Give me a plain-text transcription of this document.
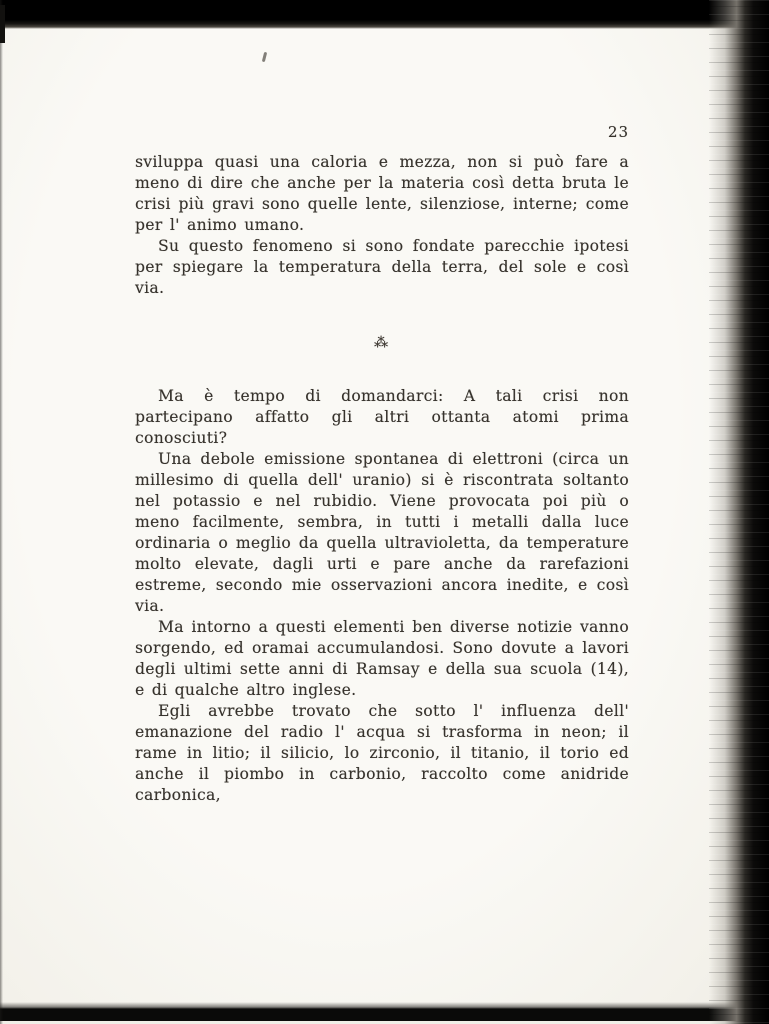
23

sviluppa quasi una caloria e mezza, non si può fare a meno di dire che anche per la materia così detta bruta le crisi più gravi sono quelle lente, silenziose, interne; come per l' animo umano.

Su questo fenomeno si sono fondate parecchie ipotesi per spiegare la temperatura della terra, del sole e così via.

⁂

Ma è tempo di domandarci: A tali crisi non partecipano affatto gli altri ottanta atomi prima conosciuti?

Una debole emissione spontanea di elettroni (circa un millesimo di quella dell' uranio) si è riscontrata soltanto nel potassio e nel rubidio. Viene provocata poi più o meno facilmente, sembra, in tutti i metalli dalla luce ordinaria o meglio da quella ultravioletta, da temperature molto elevate, dagli urti e pare anche da rarefazioni estreme, secondo mie osservazioni ancora inedite, e così via.

Ma intorno a questi elementi ben diverse notizie vanno sorgendo, ed oramai accumulandosi. Sono dovute a lavori degli ultimi sette anni di Ramsay e della sua scuola (14), e di qualche altro inglese.

Egli avrebbe trovato che sotto l' influenza dell' emanazione del radio l' acqua si trasforma in neon; il rame in litio; il silicio, lo zirconio, il titanio, il torio ed anche il piombo in carbonio, raccolto come anidride carbonica,
